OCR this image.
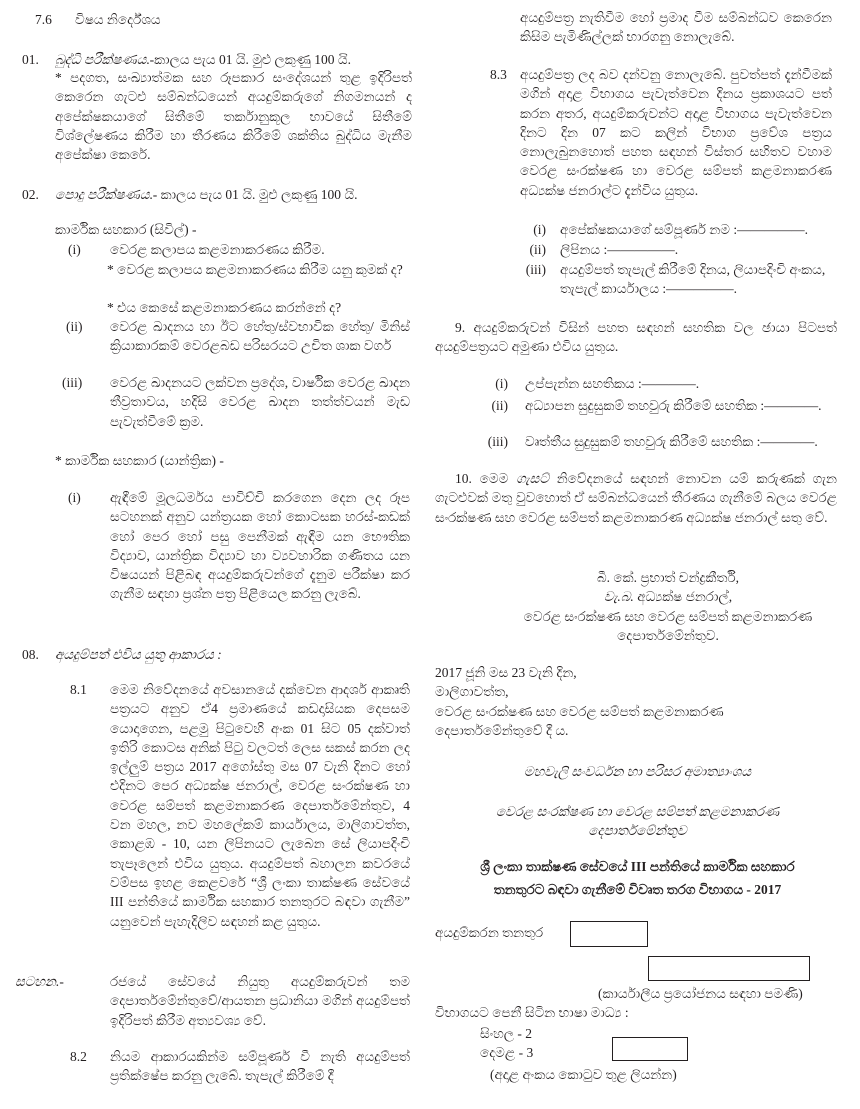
7.6 විෂය නිර්දේශය

01. බුද්ධි පරීක්ෂණය.-කාලය පැය 01 යි. මුළු ලකුණු 100 යි.

* පදගත, සංඛ්‍යාත්මක සහ රූපකාර සංදේශයන් තුළ ඉදිරිපත් කෙරෙන ගැටළු සම්බන්ධයෙන් අයදුම්කරුගේ නිගමනයන් ද අපේක්ෂකයාගේ සිතීමේ තර්කානුකූල භාවයේ සිතීමේ විශ්ලේෂණය කිරීම හා තීරණය කිරීමේ ශක්තිය බුද්ධිය මැනීම අපේක්ෂා කෙරේ.

02. පොදු පරීක්ෂණය.- කාලය පැය 01 යි. මුළු ලකුණු 100 යි.

කාර්මික සහකාර (සිවිල්) -

(i) වෙරළ කලාපය කළමනාකරණය කිරීම.

* වෙරළ කලාපය කළමනාකරණය කිරීම යනු කුමක් ද?

* එය කෙසේ කළමනාකරණය කරන්නේ ද?

(ii) වෙරළ ඛාදනය හා ඊට හේතු/ස්වභාවික හේතු/ මිනිස් ක්‍රියාකාරකම් වෙරළබඩ පරිසරයට උචිත ශාක වර්ග

(iii) වෙරළ ඛාදනයට ලක්වන ප්‍රදේශ, වාර්ෂික වෙරළ ඛාදන තීව්‍රතාවය, හදිසි වෙරළ ඛාදන තත්ත්වයන් මැඩ පැවැත්වීමේ ක්‍රම.

* කාර්මික සහකාර (යාන්ත්‍රික) -

(i) ඇඳීමේ මූලධර්මය පාවිච්චි කරගෙන දෙන ලද රූප සටහනක් අනුව යන්ත්‍රයක හෝ කොටසක හරස්-කඩක් හෝ පෙර හෝ පසු පෙනීමක් ඇඳීම යන භෞතික විද්‍යාව, යාන්ත්‍රික විද්‍යාව හා ව්‍යවහාරික ගණිතය යන විෂයයන් පිළිබඳ අයදුම්කරුවන්ගේ දැනුම පරීක්ෂා කර ගැනීම සඳහා ප්‍රශ්න පත්‍ර පිළියෙල කරනු ලැබේ.

08. අයදුම්පත් එවිය යුතු ආකාරය :

8.1 මෙම නිවේදනයේ අවසානයේ දක්වෙන ආදර්ශ ආකෘති පත්‍රයට අනුව ඒ4 ප්‍රමාණයේ කඩදාසියක දෙපසම යොදාගෙන, පළමු පිටුවෙහි අංක 01 සිට 05 දක්වාත් ඉතිරි කොටස අනික් පිටු වලටත් ලෙස සකස් කරන ලද ඉල්ලුම් පත්‍රය 2017 අගෝස්තු මස 07 වැනි දිනට හෝ එදිනට පෙර අධ්‍යක්ෂ ජනරාල්, වෙරළ සංරක්ෂණ හා වෙරළ සම්පත් කළමනාකරණ දෙපාර්තමේන්තුව, 4 වන මහල, නව මහලේකම් කාර්යාලය, මාලිගාවත්ත, කොළඹ - 10, යන ලිපිනයට ලැබෙන සේ ලියාපදිංචි තැපෑලෙන් එවිය යුතුය. අයදුම්පත් බහාලන කවරයේ වම්පස ඉහළ කෙළවරේ “ශ්‍රී ලංකා තාක්ෂණ සේවයේ III පන්තියේ කාර්මික සහකාර තනතුරට බඳවා ගැනීම” යනුවෙන් පැහැදිලිව සඳහන් කළ යුතුය.

සටහන.-	රජයේ සේවයේ නියුතු අයදුම්කරුවන් තම දෙපාර්තමේන්තුවේ/ආයතන ප්‍රධානියා මගින් අයදුම්පත් ඉදිරිපත් කිරීම අත්‍යවශ්‍ය වේ.

8.2 නියම ආකාරයකින්ම සම්පූර්ණ වී නැති අයදුම්පත් ප්‍රතික්ෂේප කරනු ලැබේ. තැපැල් කිරීමේ දී

අයදුම්පත්‍ර නැතිවීම හෝ ප්‍රමාද වීම සම්බන්ධව කෙරෙන කිසිම පැමිණිල්ලක් භාරගනු නොලැබේ.

8.3 අයදුම්පත්‍ර ලද බව දන්වනු නොලැබේ. පුවත්පත් දැන්වීමක් මගින් අදාළ විභාගය පැවැත්වෙන දිනය ප්‍රකාශයට පත් කරන අතර, අයදුම්කරුවන්ට අදාළ විභාගය පැවැත්වෙන දිනට දින 07 කට කලින් විභාග ප්‍රවේශ පත්‍රය නොලැබුනහොත් පහත සඳහන් විස්තර සහිතව වහාම වෙරළ සංරක්ෂණ හා වෙරළ සම්පත් කළමනාකරණ අධ්‍යක්ෂ ජනරාල්ට දැන්විය යුතුය.

(i) අපේක්ෂකයාගේ සම්පූර්ණ නම :—————.

(ii) ලිපිනය :—————.

(iii) අයදුම්පත් තැපැල් කිරීමේ දිනය, ලියාපදිංචි අංකය, තැපැල් කාර්යාලය :—————.

9. අයදුම්කරුවන් විසින් පහත සඳහන් සහතික වල ඡායා පිටපත් අයදුම්පත්‍රයට අමුණා එවිය යුතුය.

(i) උප්පැන්න සහතිකය :————.

(ii) අධ්‍යාපන සුදුසුකම් තහවුරු කිරීමේ සහතික :————.

(iii) වෘත්තීය සුදුසුකම් තහවුරු කිරීමේ සහතික :————.

10. මෙම ගැසට් නිවේදනයේ සඳහන් නොවන යම් කරුණක් ගැන ගැටළුවක් මතු වුවහොත් ඒ සම්බන්ධයෙන් තීරණය ගැනීමේ බලය වෙරළ සංරක්ෂණ සහ වෙරළ සම්පත් කළමනාකරණ අධ්‍යක්ෂ ජනරාල් සතු වේ.

බී. කේ. ප්‍රභාත් චන්ද්‍රකීර්ති,
වැ.බ. අධ්‍යක්ෂ ජනරාල්,
වෙරළ සංරක්ෂණ සහ වෙරළ සම්පත් කළමනාකරණ
දෙපාර්තමේන්තුව.
2017 ජූනි මස 23 වැනි දින,
මාලිගාවත්ත,
වෙරළ සංරක්ෂණ සහ වෙරළ සම්පත් කළමනාකරණ
දෙපාර්තමේන්තුවේ දී ය.

මහවැලි සංවර්ධන හා පරිසර අමාත්‍යාංශය

වෙරළ සංරක්ෂණ හා වෙරළ සම්පත් කළමනාකරණ
දෙපාර්තමේන්තුව
ශ්‍රී ලංකා තාක්ෂණ සේවයේ III පන්තියේ කාර්මික සහකාර
තනතුරට බඳවා ගැනීමේ විවෘත තරග විභාගය - 2017

අයදුම්කරන තනතුර

(කාර්යාලීය ප්‍රයෝජනය සඳහා පමණි)

විභාගයට පෙනී සිටින භාෂා මාධ්‍ය :

සිංහල - 2

දෙමළ - 3

(අදාළ අංකය කොටුව තුළ ලියන්න)
